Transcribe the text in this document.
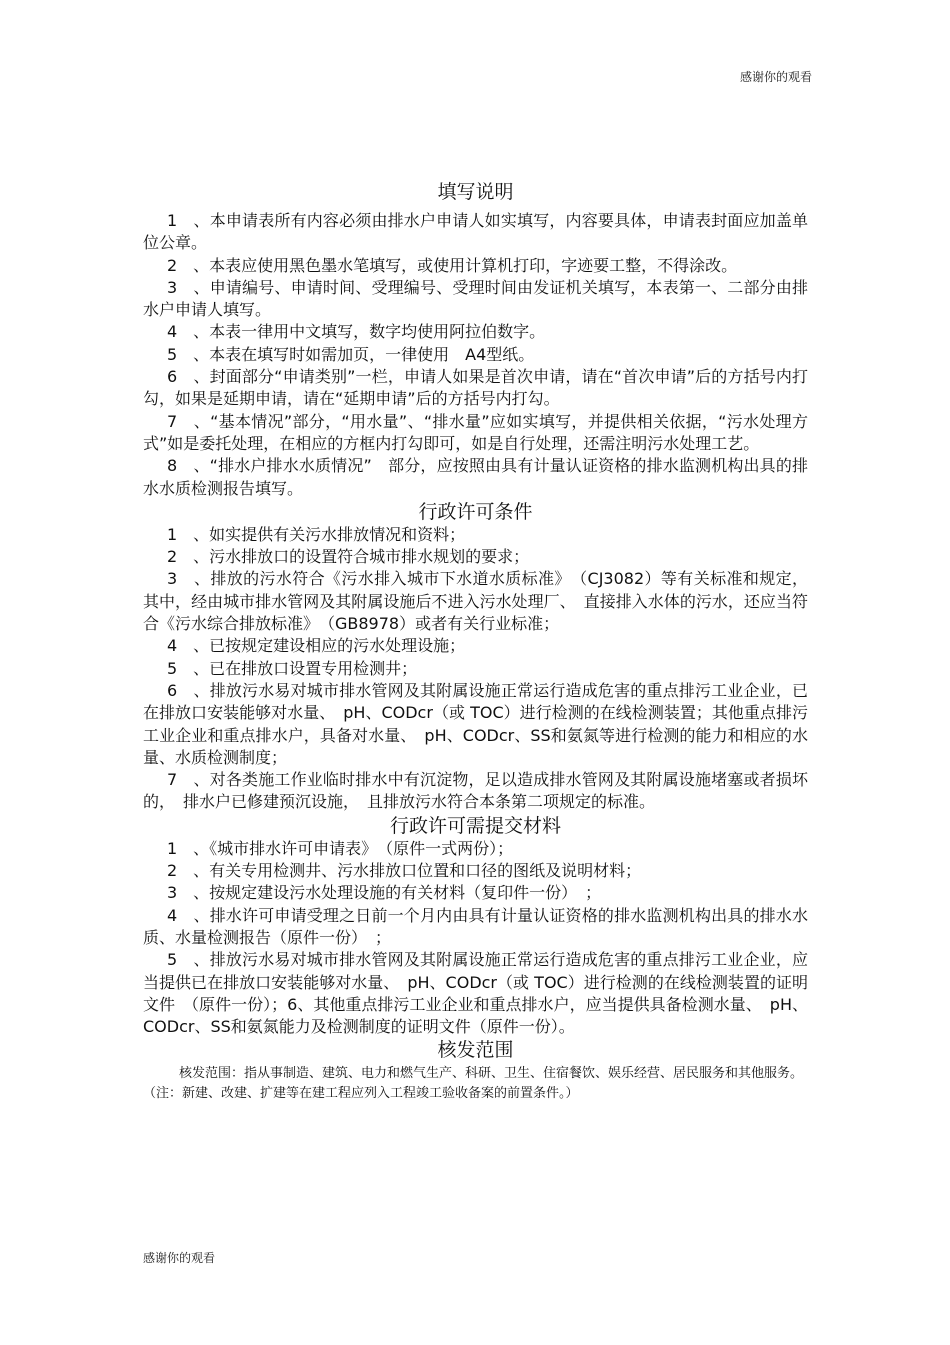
感谢你的观看
填写说明

1　、本申请表所有内容必须由排水户申请人如实填写，内容要具体，申请表封面应加盖单位公章。

2　、本表应使用黑色墨水笔填写，或使用计算机打印，字迹要工整，不得涂改。

3　、申请编号、申请时间、受理编号、受理时间由发证机关填写，本表第一、二部分由排水户申请人填写。

4　、本表一律用中文填写，数字均使用阿拉伯数字。

5　、本表在填写时如需加页，一律使用　A4型纸。

6　、封面部分“申请类别”一栏，申请人如果是首次申请，请在“首次申请”后的方括号内打勾，如果是延期申请，请在“延期申请”后的方括号内打勾。

7　、“基本情况”部分，“用水量”、“排水量”应如实填写，并提供相关依据，“污水处理方式”如是委托处理，在相应的方框内打勾即可，如是自行处理，还需注明污水处理工艺。

8　、“排水户排水水质情况”　部分，应按照由具有计量认证资格的排水监测机构出具的排水水质检测报告填写。

行政许可条件

1　、如实提供有关污水排放情况和资料；

2　、污水排放口的设置符合城市排水规划的要求；

3　、排放的污水符合《污水排入城市下水道水质标准》　（CJ3082）等有关标准和规定，其中，经由城市排水管网及其附属设施后不进入污水处理厂、　直接排入水体的污水，还应当符合《污水综合排放标准》　（GB8978）或者有关行业标准；

4　、已按规定建设相应的污水处理设施；

5　、已在排放口设置专用检测井；

6　、排放污水易对城市排水管网及其附属设施正常运行造成危害的重点排污工业企业，已在排放口安装能够对水量、　pH、CODcr（或 TOC）进行检测的在线检测装置；其他重点排污工业企业和重点排水户，具备对水量、　pH、CODcr、SS和氨氮等进行检测的能力和相应的水量、水质检测制度；

7　、对各类施工作业临时排水中有沉淀物，足以造成排水管网及其附属设施堵塞或者损坏的，　排水户已修建预沉设施，　且排放污水符合本条第二项规定的标准。

行政许可需提交材料

1　、《城市排水许可申请表》　（原件一式两份）；

2　、有关专用检测井、污水排放口位置和口径的图纸及说明材料；

3　、按规定建设污水处理设施的有关材料（复印件一份）　；

4　、排水许可申请受理之日前一个月内由具有计量认证资格的排水监测机构出具的排水水质、水量检测报告（原件一份）　；

5　、排放污水易对城市排水管网及其附属设施正常运行造成危害的重点排污工业企业，应当提供已在排放口安装能够对水量、　pH、CODcr（或 TOC）进行检测的在线检测装置的证明文件　（原件一份）；6、其他重点排污工业企业和重点排水户，应当提供具备检测水量、　pH、CODcr、SS和氨氮能力及检测制度的证明文件（原件一份）。

核发范围

核发范围：指从事制造、建筑、电力和燃气生产、科研、卫生、住宿餐饮、娱乐经营、居民服务和其他服务。　（注：新建、改建、扩建等在建工程应列入工程竣工验收备案的前置条件。）

感谢你的观看
